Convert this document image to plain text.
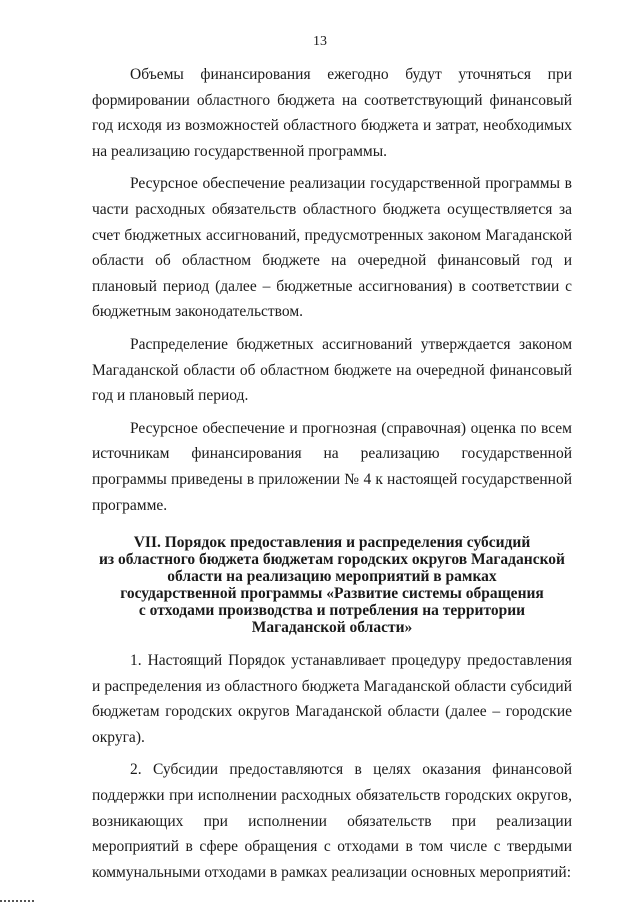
13

Объемы финансирования ежегодно будут уточняться при формировании областного бюджета на соответствующий финансовый год исходя из возможностей областного бюджета и затрат, необходимых на реализацию государственной программы.

Ресурсное обеспечение реализации государственной программы в части расходных обязательств областного бюджета осуществляется за счет бюджетных ассигнований, предусмотренных законом Магаданской области об областном бюджете на очередной финансовый год и плановый период (далее – бюджетные ассигнования) в соответствии с бюджетным законодательством.

Распределение бюджетных ассигнований утверждается законом Магаданской области об областном бюджете на очередной финансовый год и плановый период.

Ресурсное обеспечение и прогнозная (справочная) оценка по всем источникам финансирования на реализацию государственной программы приведены в приложении № 4 к настоящей государственной программе.

VII. Порядок предоставления и распределения субсидий
из областного бюджета бюджетам городских округов Магаданской
области на реализацию мероприятий в рамках
государственной программы «Развитие системы обращения
с отходами производства и потребления на территории
Магаданской области»

1. Настоящий Порядок устанавливает процедуру предоставления и распределения из областного бюджета Магаданской области субсидий бюджетам городских округов Магаданской области (далее – городские округа).

2. Субсидии предоставляются в целях оказания финансовой поддержки при исполнении расходных обязательств городских округов, возникающих при исполнении обязательств при реализации мероприятий в сфере обращения с отходами в том числе с твердыми коммунальными отходами в рамках реализации основных мероприятий:
